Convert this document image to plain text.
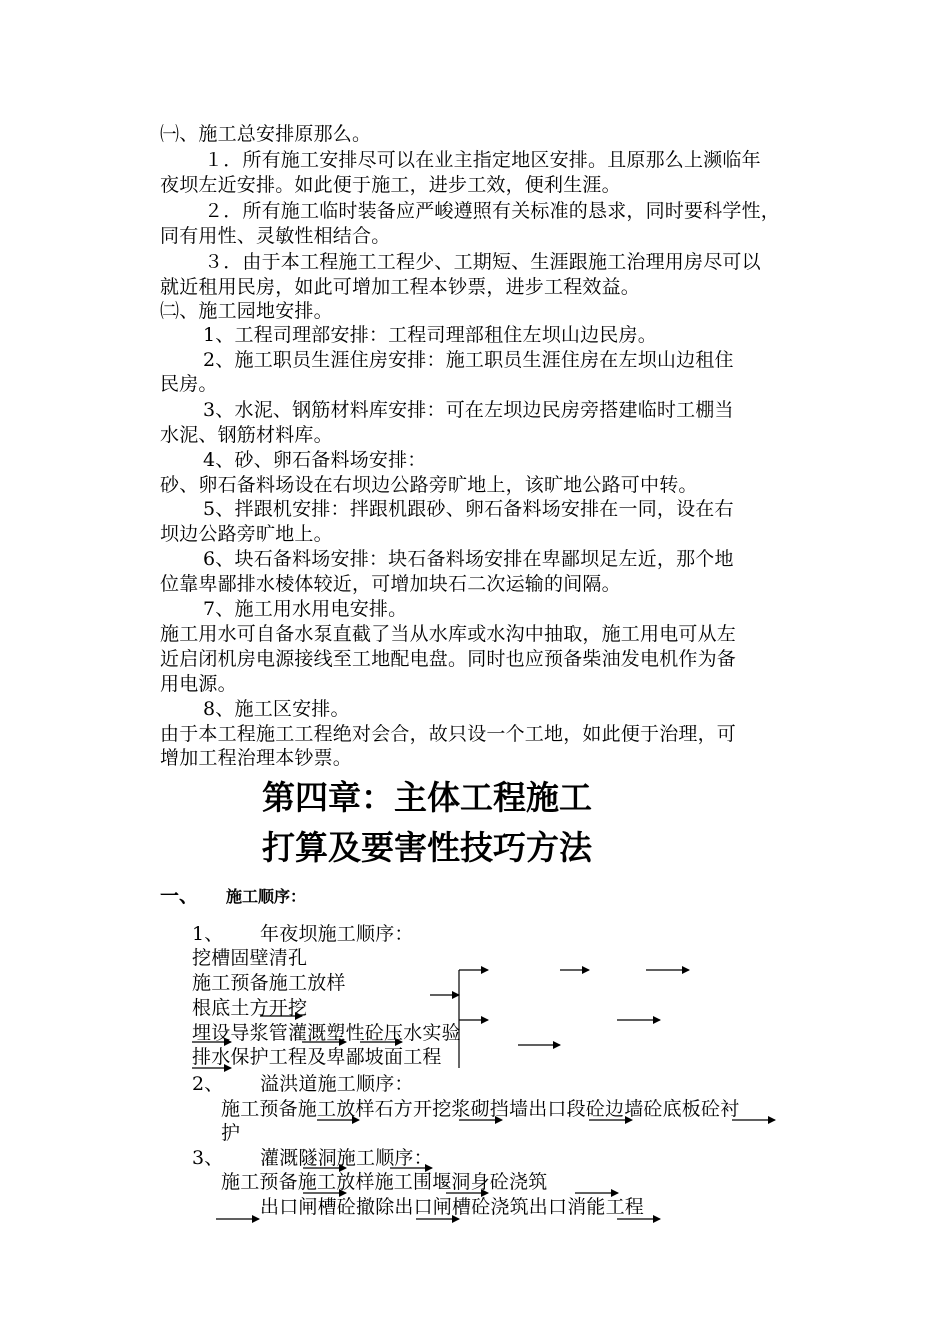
㈠、施工总安排原那么。
１．所有施工安排尽可以在业主指定地区安排。且原那么上濒临年
夜坝左近安排。如此便于施工，进步工效，便利生涯。
２．所有施工临时装备应严峻遵照有关标准的恳求，同时要科学性，
同有用性、灵敏性相结合。
３．由于本工程施工工程少、工期短、生涯跟施工治理用房尽可以
就近租用民房，如此可增加工程本钞票，进步工程效益。
㈡、施工园地安排。
1、工程司理部安排：工程司理部租住左坝山边民房。
2、施工职员生涯住房安排：施工职员生涯住房在左坝山边租住
民房。
3、水泥、钢筋材料库安排：可在左坝边民房旁搭建临时工棚当
水泥、钢筋材料库。
4、砂、卵石备料场安排：
砂、卵石备料场设在右坝边公路旁旷地上，该旷地公路可中转。
5、拌跟机安排：拌跟机跟砂、卵石备料场安排在一同，设在右
坝边公路旁旷地上。
6、块石备料场安排：块石备料场安排在卑鄙坝足左近，那个地
位靠卑鄙排水棱体较近，可增加块石二次运输的间隔。
7、施工用水用电安排。
施工用水可自备水泵直截了当从水库或水沟中抽取，施工用电可从左
近启闭机房电源接线至工地配电盘。同时也应预备柴油发电机作为备
用电源。
8、施工区安排。
由于本工程施工工程绝对会合，故只设一个工地，如此便于治理，可
增加工程治理本钞票。
第四章：主体工程施工
打算及要害性技巧方法
一、 施工顺序：
1、 年夜坝施工顺序：
挖槽固壁清孔
施工预备施工放样
根底土方开挖
埋设导浆管灌溉塑性砼压水实验
排水保护工程及卑鄙坡面工程
2、 溢洪道施工顺序：
施工预备施工放样石方开挖浆砌挡墙出口段砼边墙砼底板砼衬
护
3、 灌溉隧洞施工顺序：
施工预备施工放样施工围堰洞身砼浇筑
出口闸槽砼撤除出口闸槽砼浇筑出口消能工程
